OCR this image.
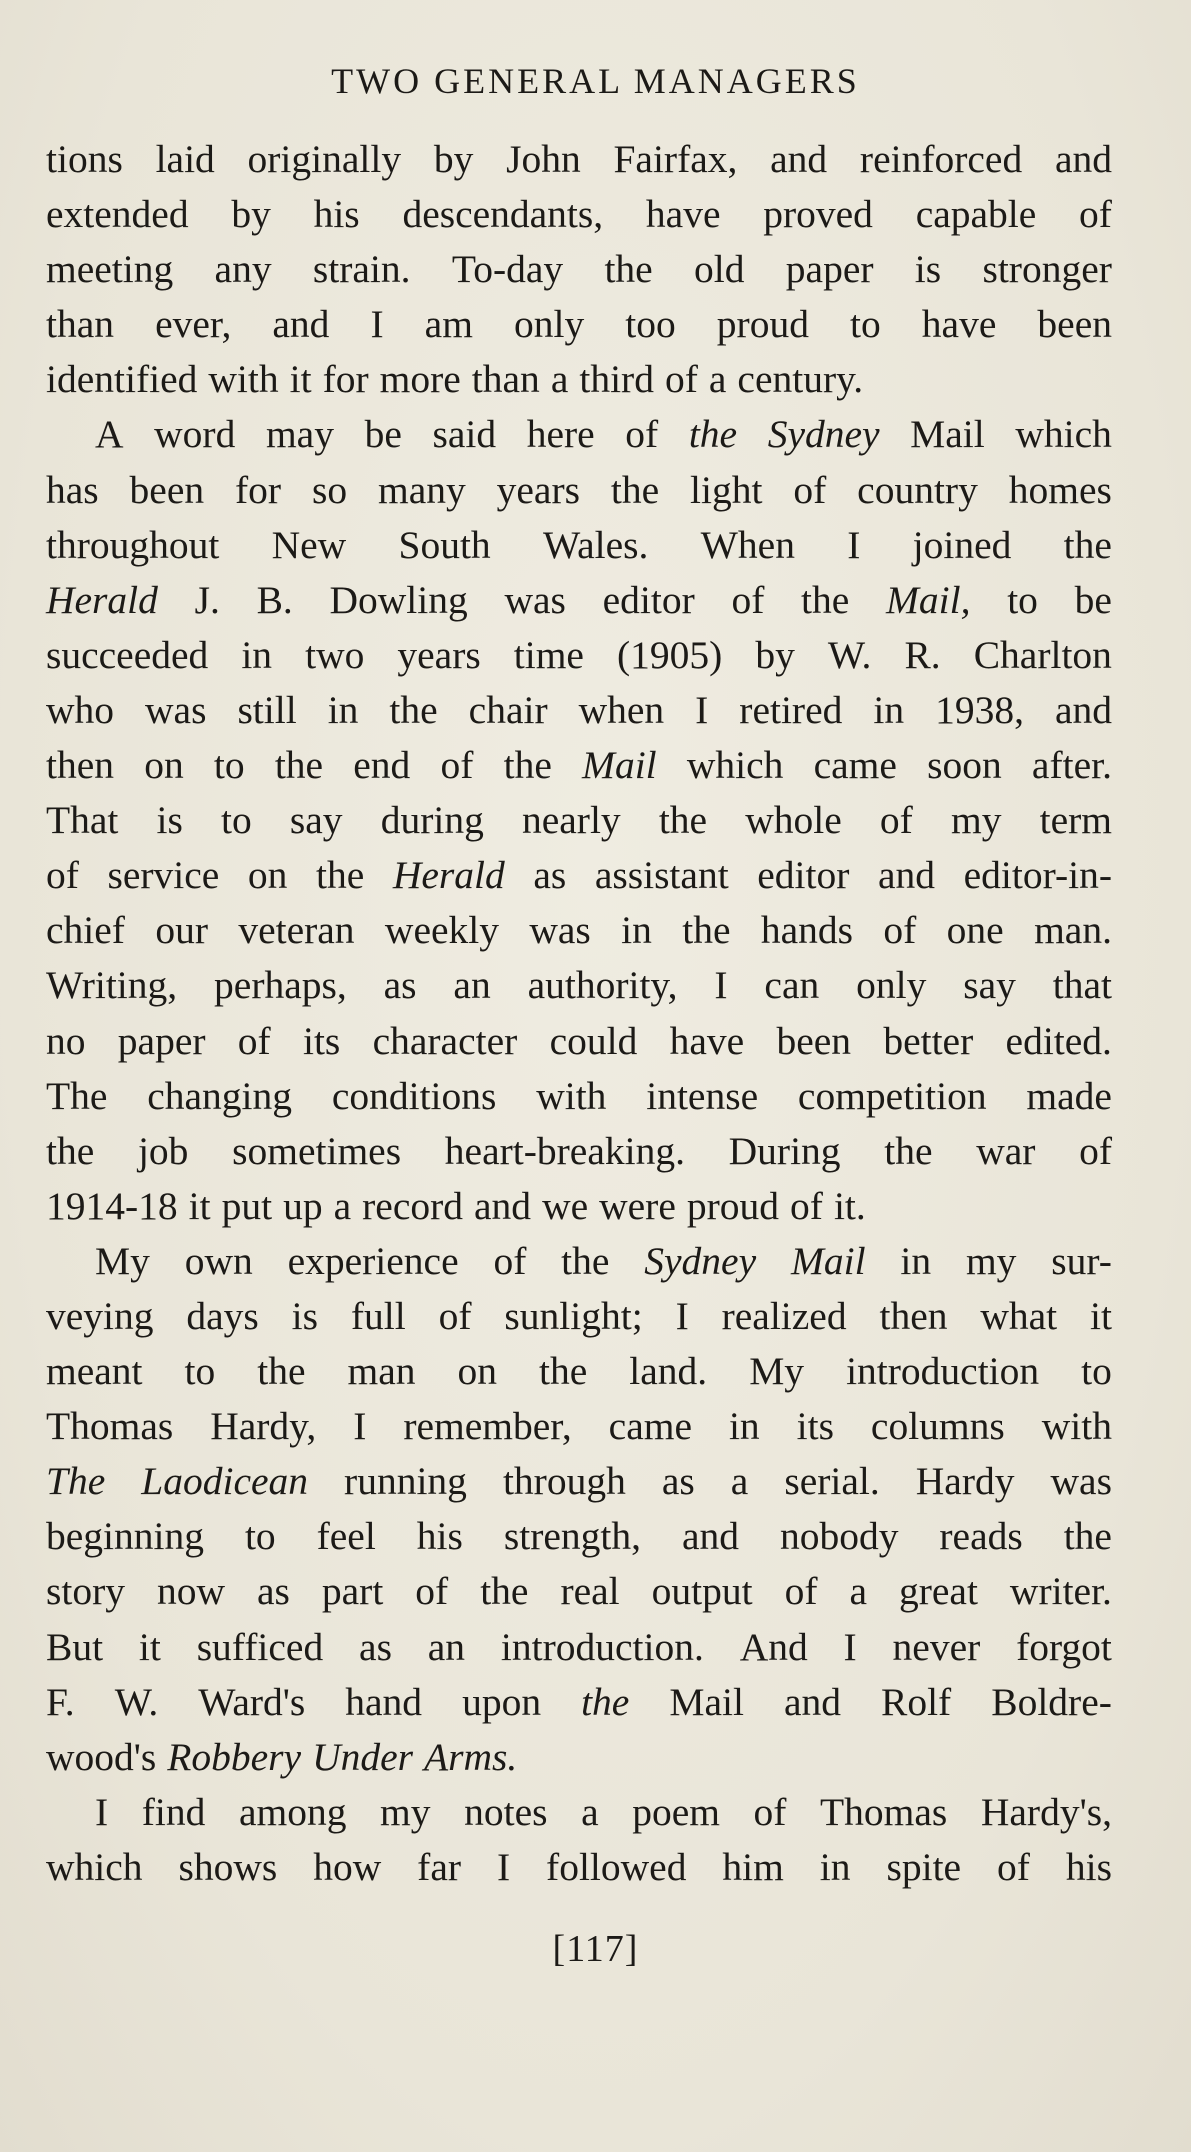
TWO GENERAL MANAGERS
tions laid originally by John Fairfax, and reinforced and
extended by his descendants, have proved capable of
meeting any strain. To-day the old paper is stronger
than ever, and I am only too proud to have been
identified with it for more than a third of a century.
A word may be said here of the Sydney Mail which
has been for so many years the light of country homes
throughout New South Wales. When I joined the
Herald J. B. Dowling was editor of the Mail, to be
succeeded in two years time (1905) by W. R. Charlton
who was still in the chair when I retired in 1938, and
then on to the end of the Mail which came soon after.
That is to say during nearly the whole of my term
of service on the Herald as assistant editor and editor-in-
chief our veteran weekly was in the hands of one man.
Writing, perhaps, as an authority, I can only say that
no paper of its character could have been better edited.
The changing conditions with intense competition made
the job sometimes heart-breaking. During the war of
1914-18 it put up a record and we were proud of it.
My own experience of the Sydney Mail in my sur-
veying days is full of sunlight; I realized then what it
meant to the man on the land. My introduction to
Thomas Hardy, I remember, came in its columns with
The Laodicean running through as a serial. Hardy was
beginning to feel his strength, and nobody reads the
story now as part of the real output of a great writer.
But it sufficed as an introduction. And I never forgot
F. W. Ward's hand upon the Mail and Rolf Boldre-
wood's Robbery Under Arms.
I find among my notes a poem of Thomas Hardy's,
which shows how far I followed him in spite of his
[117]
